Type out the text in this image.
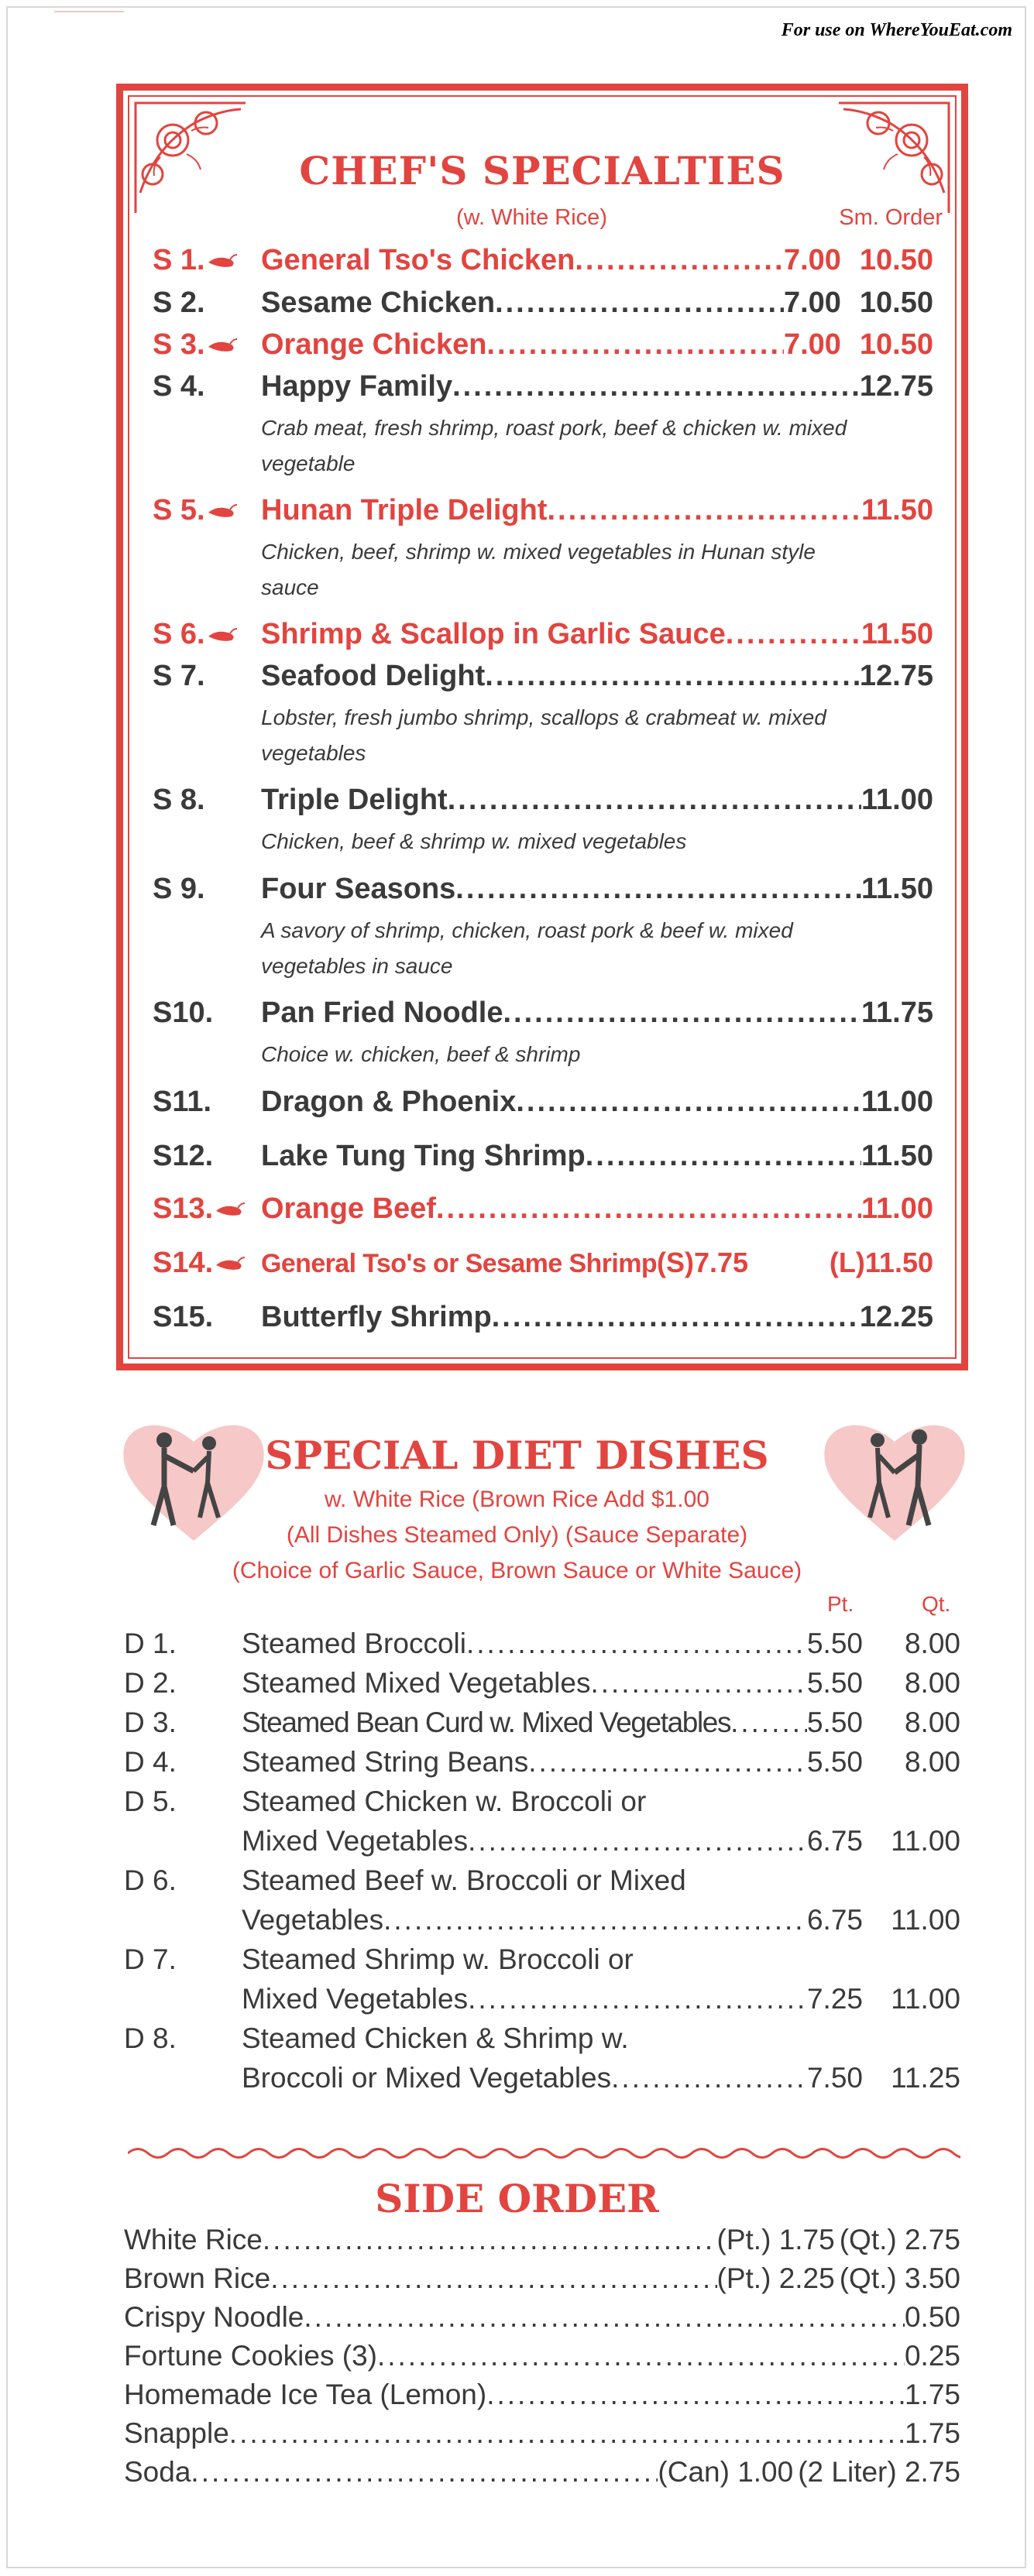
For use on WhereYouEat.com
CHEF'S SPECIALTIES
(w. White Rice)	Sm. Order
S 1.	General Tso's Chicken .....	7.00 10.50
S 2.	Sesame Chicken .....	7.00 10.50
S 3.	Orange Chicken .....	7.00 10.50
S 4.	Happy Family .....	12.75
Crab meat, fresh shrimp, roast pork, beef & chicken w. mixed vegetable
S 5.	Hunan Triple Delight .....	11.50
Chicken, beef, shrimp w. mixed vegetables in Hunan style sauce
S 6.	Shrimp & Scallop in Garlic Sauce .....	11.50
S 7.	Seafood Delight .....	12.75
Lobster, fresh jumbo shrimp, scallops & crabmeat w. mixed vegetables
S 8.	Triple Delight .....	11.00
Chicken, beef & shrimp w. mixed vegetables
S 9.	Four Seasons .....	11.50
A savory of shrimp, chicken, roast pork & beef w. mixed vegetables in sauce
S10.	Pan Fried Noodle .....	11.75
Choice w. chicken, beef & shrimp
S11.	Dragon & Phoenix .....	11.00
S12.	Lake Tung Ting Shrimp .....	11.50
S13.	Orange Beef .....	11.00
S14.	General Tso's or Sesame Shrimp (S)7.75	(L)11.50
S15.	Butterfly Shrimp .....	12.25
SPECIAL DIET DISHES
w. White Rice (Brown Rice Add $1.00
(All Dishes Steamed Only) (Sauce Separate)
(Choice of Garlic Sauce, Brown Sauce or White Sauce)
Pt.	Qt.
D 1.	Steamed Broccoli .....	5.50	8.00
D 2.	Steamed Mixed Vegetables .....	5.50	8.00
D 3.	Steamed Bean Curd w. Mixed Vegetables .....	5.50	8.00
D 4.	Steamed String Beans .....	5.50	8.00
D 5.	Steamed Chicken w. Broccoli or
Mixed Vegetables .....	6.75 11.00
D 6.	Steamed Beef w. Broccoli or Mixed
Vegetables .....	6.75 11.00
D 7.	Steamed Shrimp w. Broccoli or
Mixed Vegetables .....	7.25 11.00
D 8.	Steamed Chicken & Shrimp w.
Broccoli or Mixed Vegetables .....	7.50 11.25
SIDE ORDER
White Rice .....	(Pt.) 1.75 (Qt.) 2.75
Brown Rice .....	(Pt.) 2.25 (Qt.) 3.50
Crispy Noodle .....	0.50
Fortune Cookies (3) .....	0.25
Homemade Ice Tea (Lemon) .....	1.75
Snapple .....	1.75
Soda .....	(Can) 1.00 (2 Liter) 2.75
